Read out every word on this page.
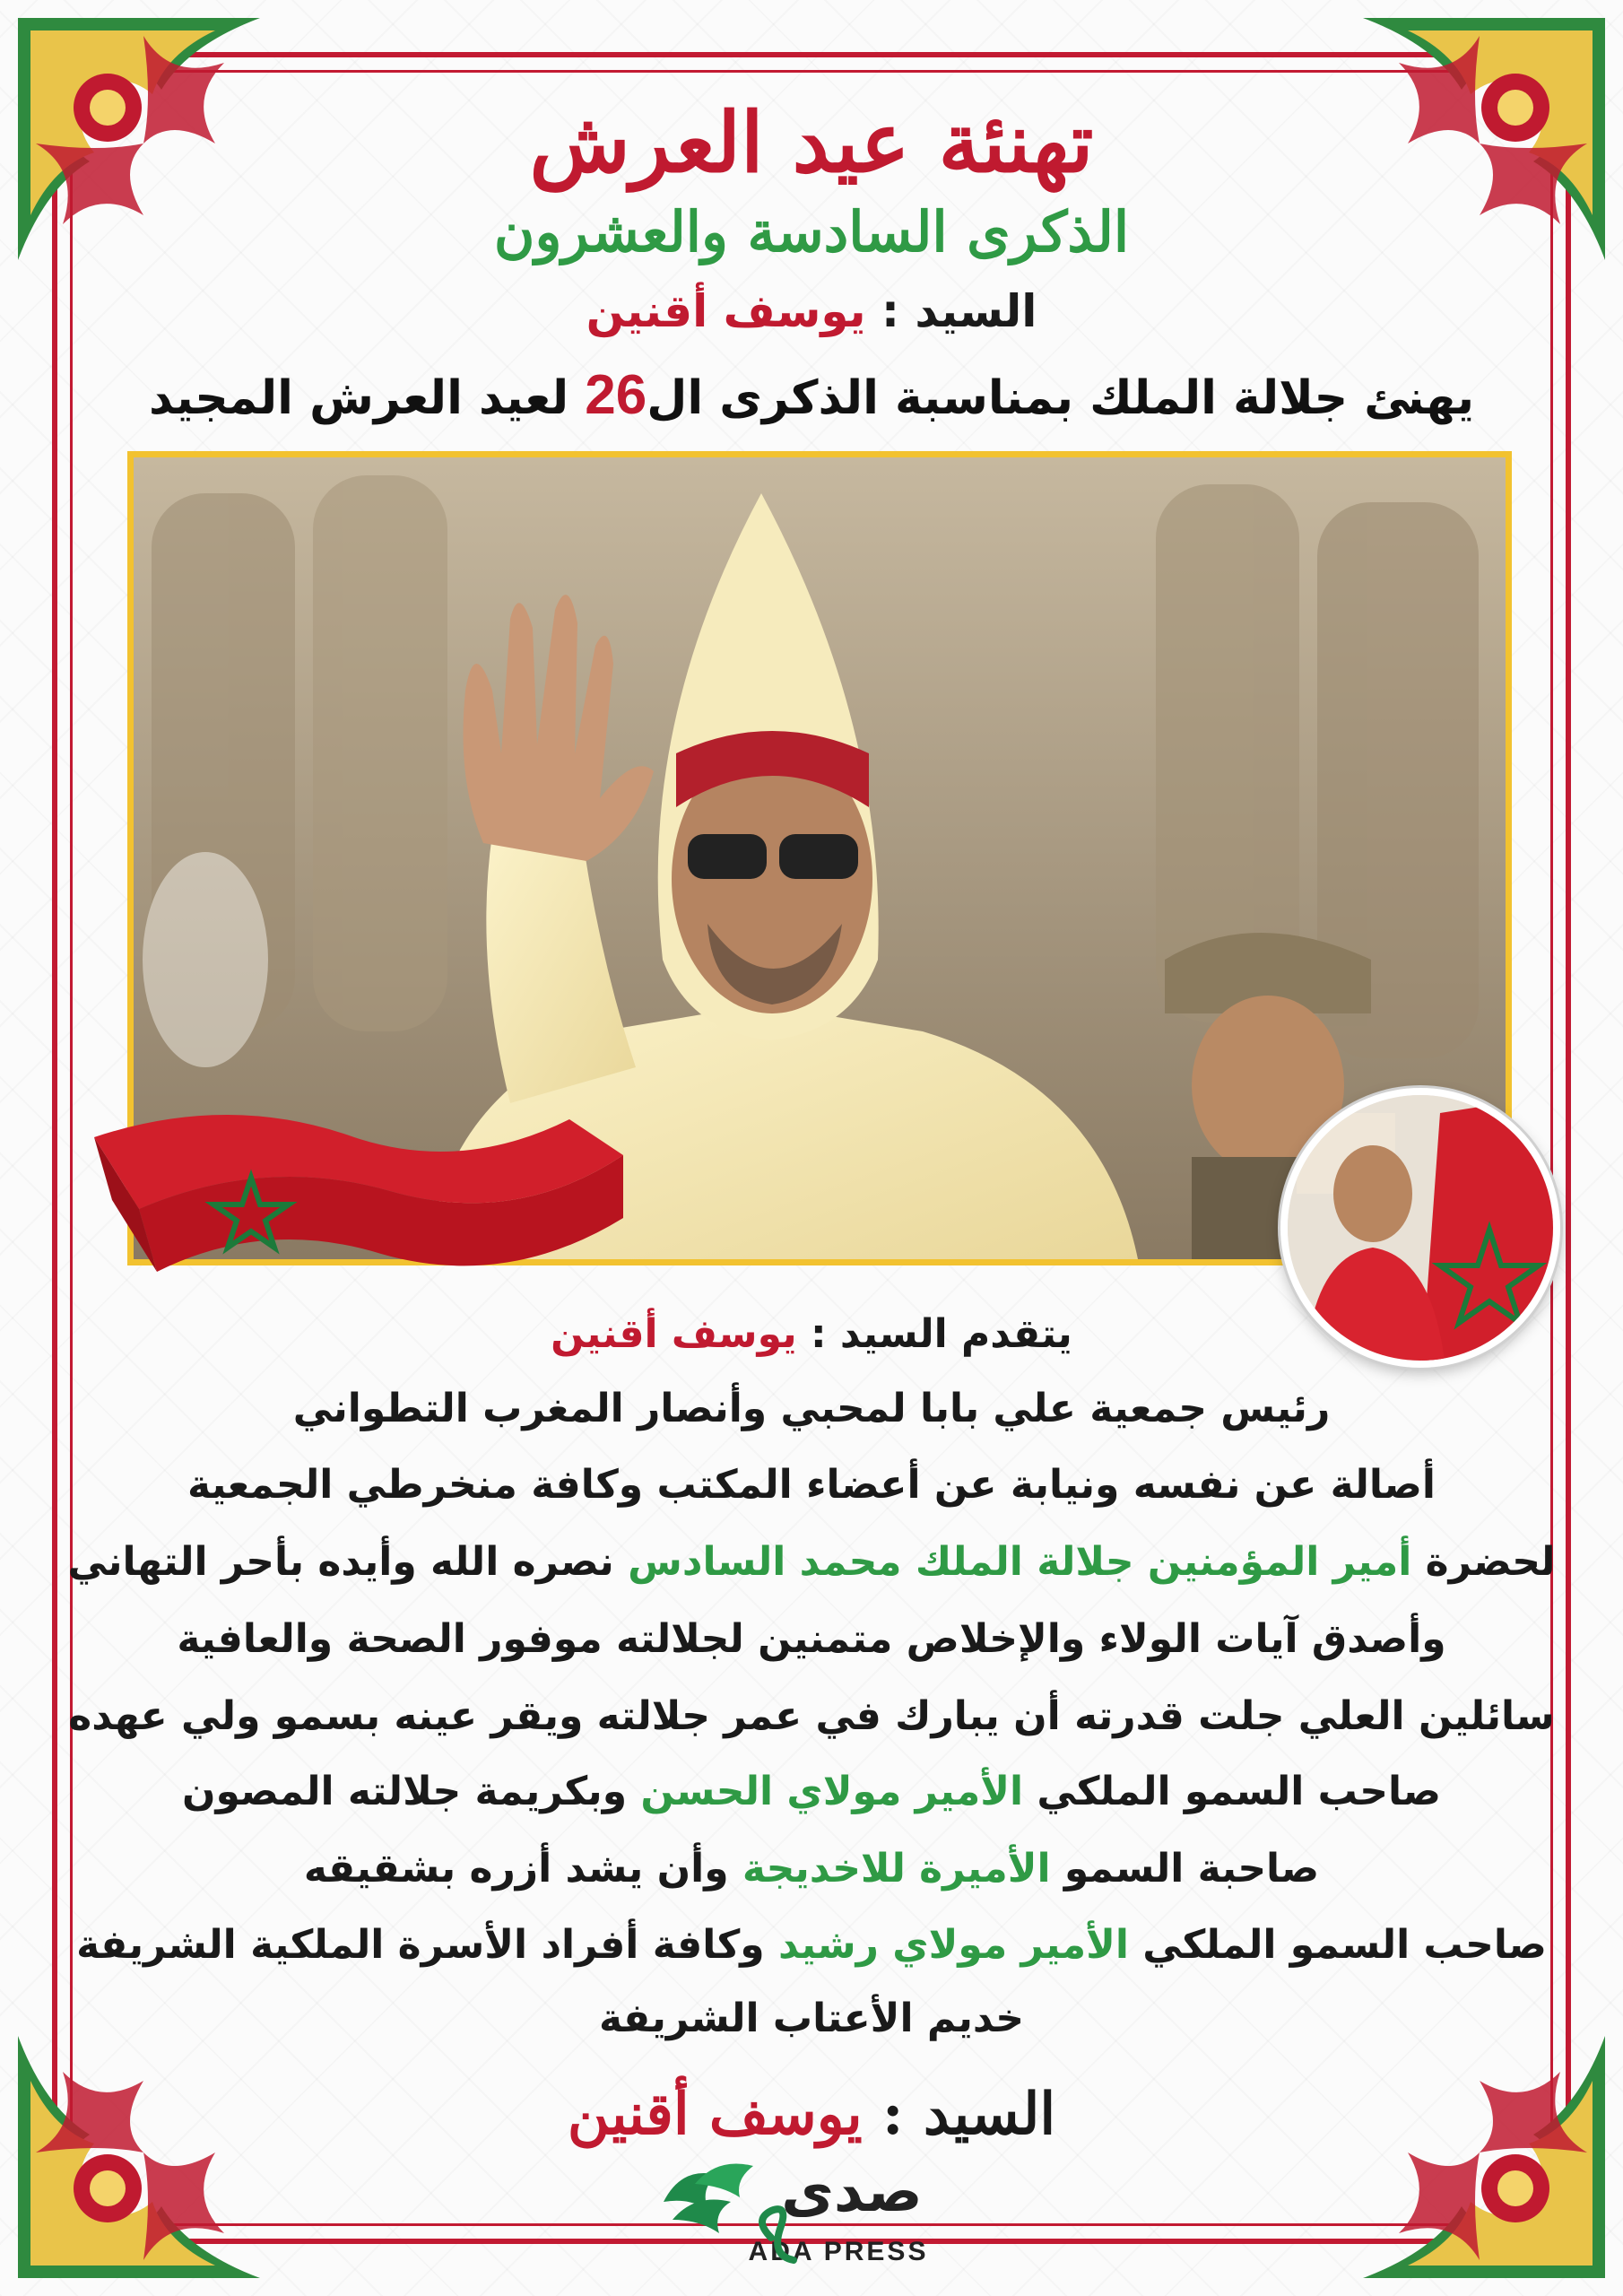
تهنئة عيد العرش
الذكرى السادسة والعشرون
السيد : يوسف أقنين
يهنئ جلالة الملك بمناسبة الذكرى ال26 لعيد العرش المجيد
يتقدم السيد : يوسف أقنين
رئيس جمعية علي بابا لمحبي وأنصار المغرب التطواني
أصالة عن نفسه ونيابة عن أعضاء المكتب وكافة منخرطي الجمعية
لحضرة أمير المؤمنين جلالة الملك محمد السادس نصره الله وأيده بأحر التهاني
وأصدق آيات الولاء والإخلاص متمنين لجلالته موفور الصحة والعافية
سائلين العلي جلت قدرته أن يبارك في عمر جلالته ويقر عينه بسمو ولي عهده
صاحب السمو الملكي الأمير مولاي الحسن وبكريمة جلالته المصون
صاحبة السمو الأميرة للاخديجة وأن يشد أزره بشقيقه
صاحب السمو الملكي الأمير مولاي رشيد وكافة أفراد الأسرة الملكية الشريفة
خديم الأعتاب الشريفة
السيد : يوسف أقنين
صدى
ADA PRESS
